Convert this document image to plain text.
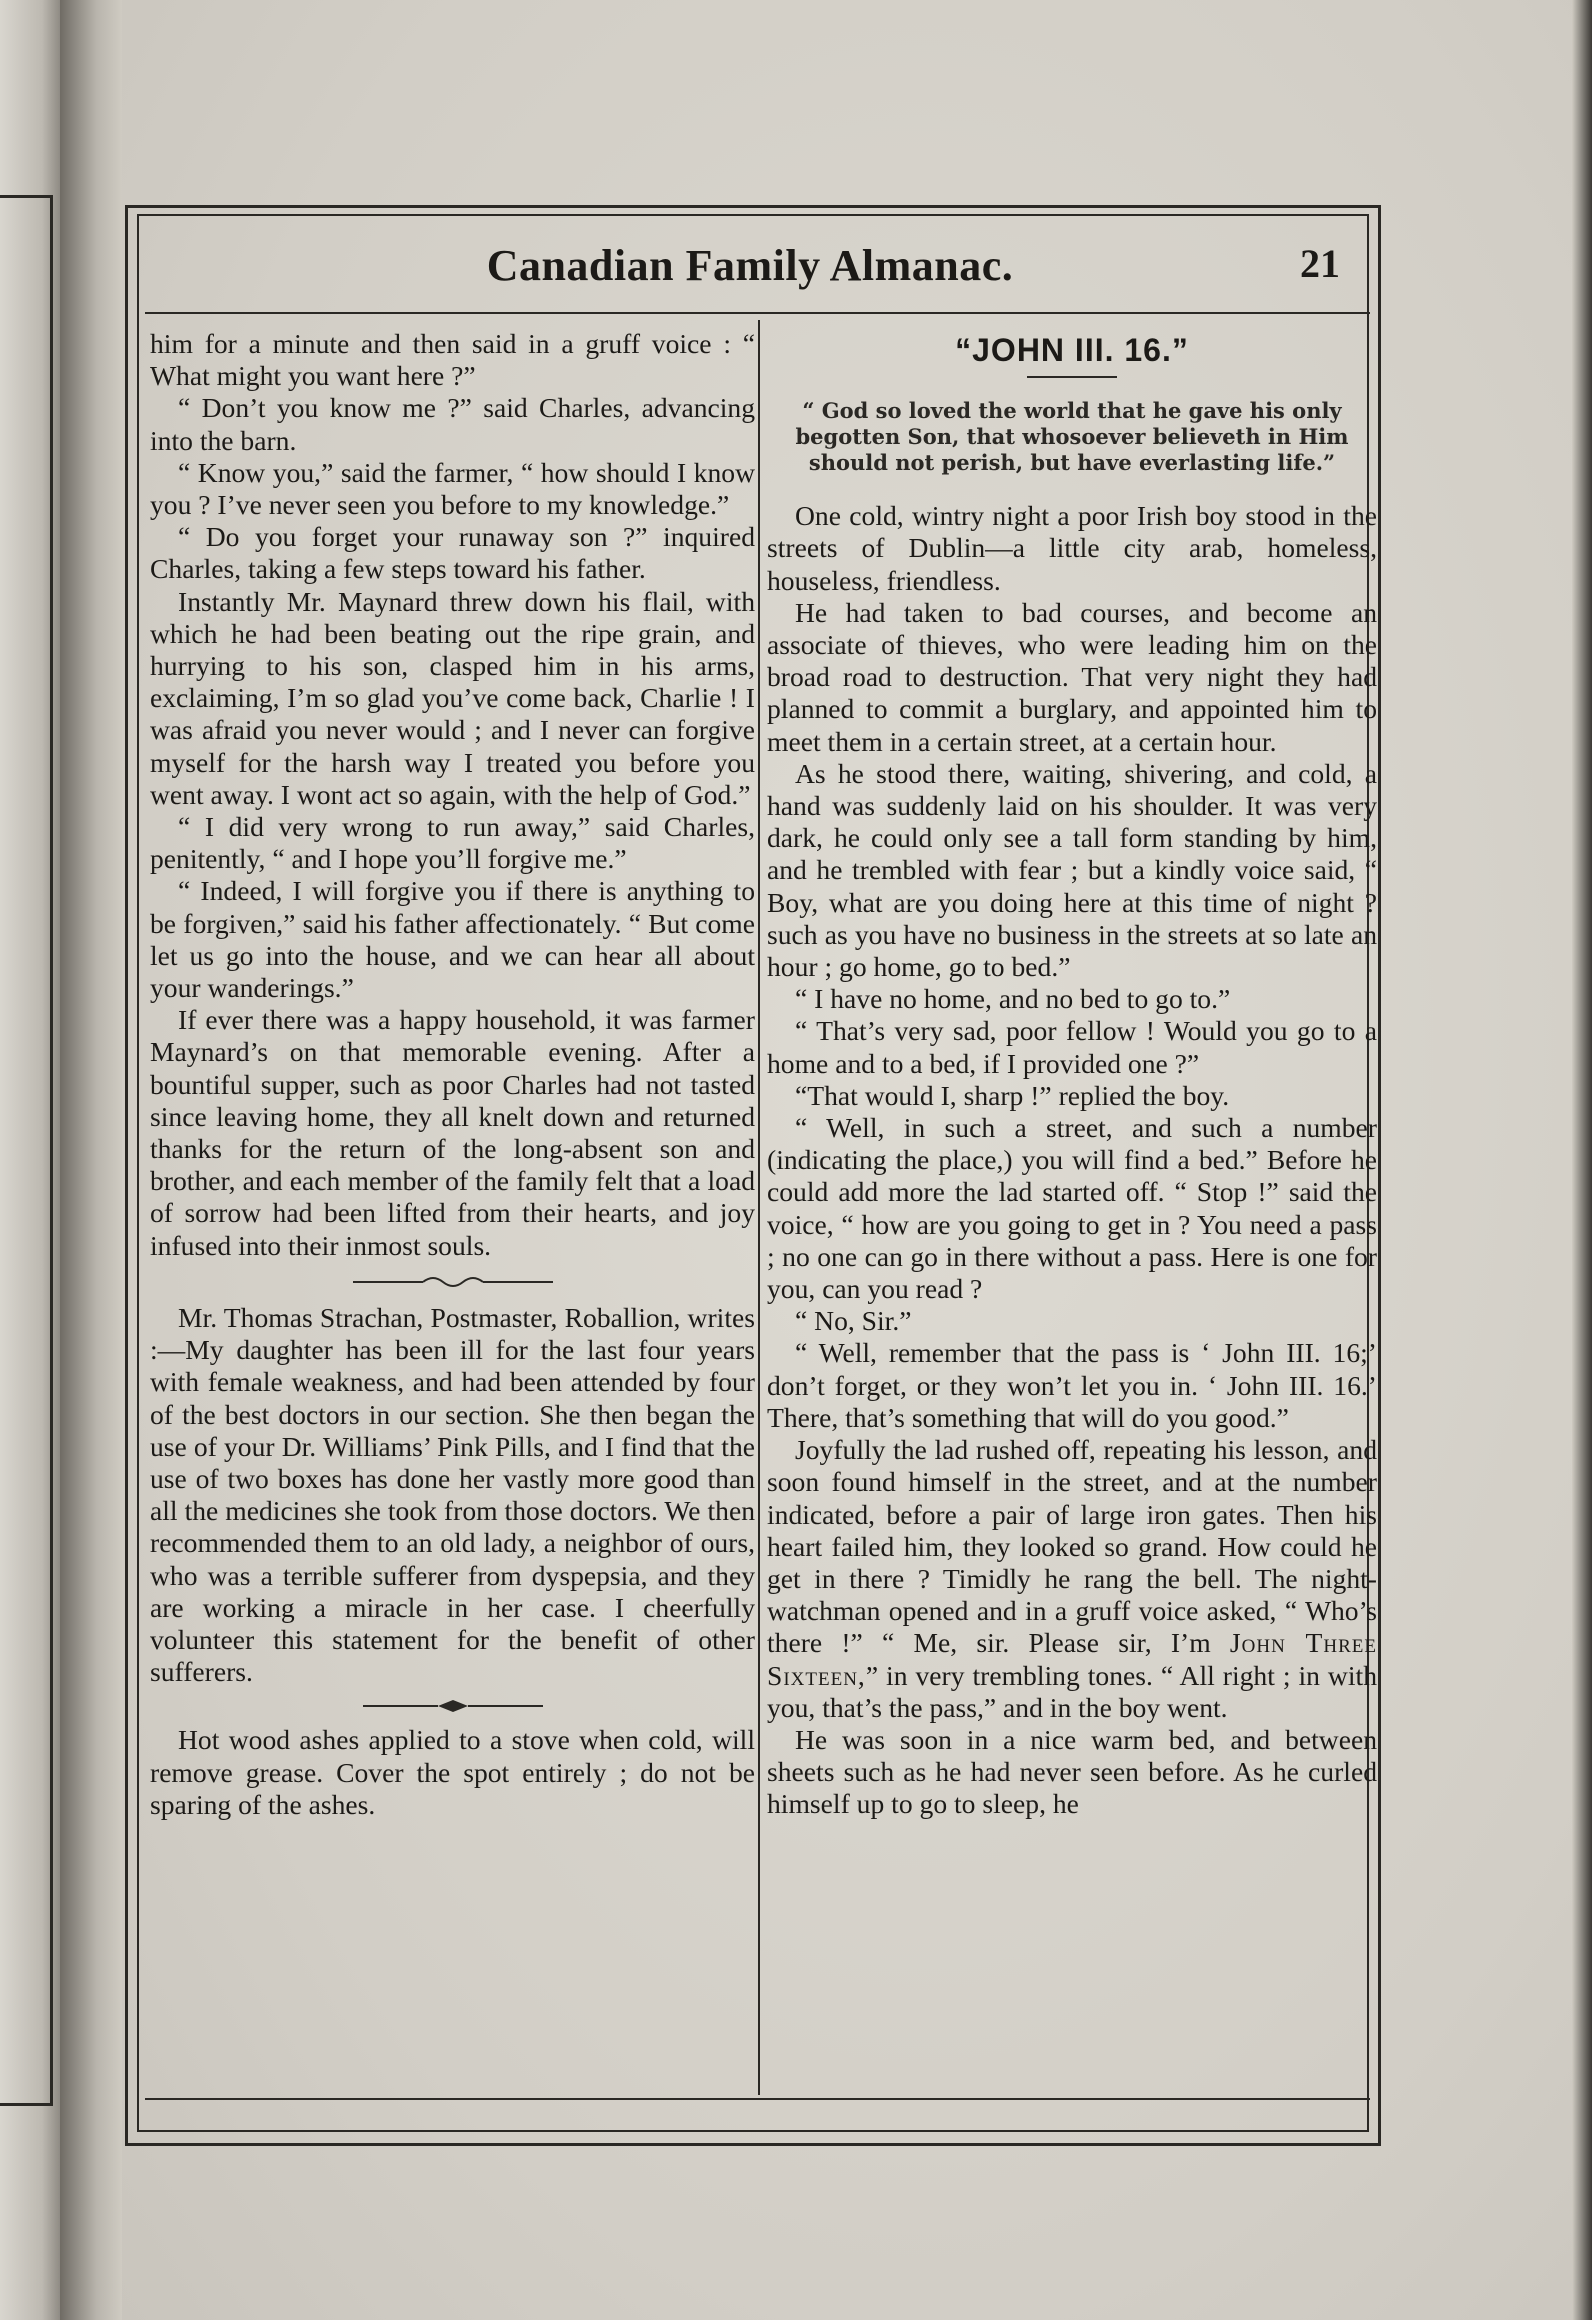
Canadian Family Almanac.	21

him for a minute and then said in a gruff voice : “ What might you want here ?”

“ Don’t you know me ?” said Charles, advancing into the barn.

“ Know you,” said the farmer, “ how should I know you ? I’ve never seen you before to my knowledge.”

“ Do you forget your runaway son ?” inquired Charles, taking a few steps toward his father.

Instantly Mr. Maynard threw down his flail, with which he had been beating out the ripe grain, and hurrying to his son, clasped him in his arms, exclaiming, I’m so glad you’ve come back, Charlie ! I was afraid you never would ; and I never can forgive myself for the harsh way I treated you before you went away. I wont act so again, with the help of God.”

“ I did very wrong to run away,” said Charles, penitently, “ and I hope you’ll forgive me.”

“ Indeed, I will forgive you if there is anything to be forgiven,” said his father affectionately. “ But come let us go into the house, and we can hear all about your wanderings.”

If ever there was a happy household, it was farmer Maynard’s on that memorable evening. After a bountiful supper, such as poor Charles had not tasted since leaving home, they all knelt down and returned thanks for the return of the long-absent son and brother, and each member of the family felt that a load of sorrow had been lifted from their hearts, and joy infused into their inmost souls.

Mr. Thomas Strachan, Postmaster, Roballion, writes :—My daughter has been ill for the last four years with female weakness, and had been attended by four of the best doctors in our section. She then began the use of your Dr. Williams’ Pink Pills, and I find that the use of two boxes has done her vastly more good than all the medicines she took from those doctors. We then recommended them to an old lady, a neighbor of ours, who was a terrible sufferer from dyspepsia, and they are working a miracle in her case. I cheerfully volunteer this statement for the benefit of other sufferers.

Hot wood ashes applied to a stove when cold, will remove grease. Cover the spot entirely ; do not be sparing of the ashes.

“JOHN III. 16.”
“ God so loved the world that he gave his only begotten Son, that whosoever believeth in Him should not perish, but have everlasting life.”

One cold, wintry night a poor Irish boy stood in the streets of Dublin—a little city arab, homeless, houseless, friendless.

He had taken to bad courses, and become an associate of thieves, who were leading him on the broad road to destruction. That very night they had planned to commit a burglary, and appointed him to meet them in a certain street, at a certain hour.

As he stood there, waiting, shivering, and cold, a hand was suddenly laid on his shoulder. It was very dark, he could only see a tall form standing by him, and he trembled with fear ; but a kindly voice said, “ Boy, what are you doing here at this time of night ? such as you have no business in the streets at so late an hour ; go home, go to bed.”

“ I have no home, and no bed to go to.”

“ That’s very sad, poor fellow ! Would you go to a home and to a bed, if I provided one ?”

“That would I, sharp !” replied the boy.

“ Well, in such a street, and such a number (indicating the place,) you will find a bed.” Before he could add more the lad started off. “ Stop !” said the voice, “ how are you going to get in ? You need a pass ; no one can go in there without a pass. Here is one for you, can you read ?

“ No, Sir.”

“ Well, remember that the pass is ‘ John III. 16;’ don’t forget, or they won’t let you in. ‘ John III. 16.’ There, that’s something that will do you good.”

Joyfully the lad rushed off, repeating his lesson, and soon found himself in the street, and at the number indicated, before a pair of large iron gates. Then his heart failed him, they looked so grand. How could he get in there ? Timidly he rang the bell. The night-watchman opened and in a gruff voice asked, “ Who’s there !” “ Me, sir. Please sir, I’m John Three Sixteen,” in very trembling tones. “ All right ; in with you, that’s the pass,” and in the boy went.

He was soon in a nice warm bed, and between sheets such as he had never seen before. As he curled himself up to go to sleep, he
